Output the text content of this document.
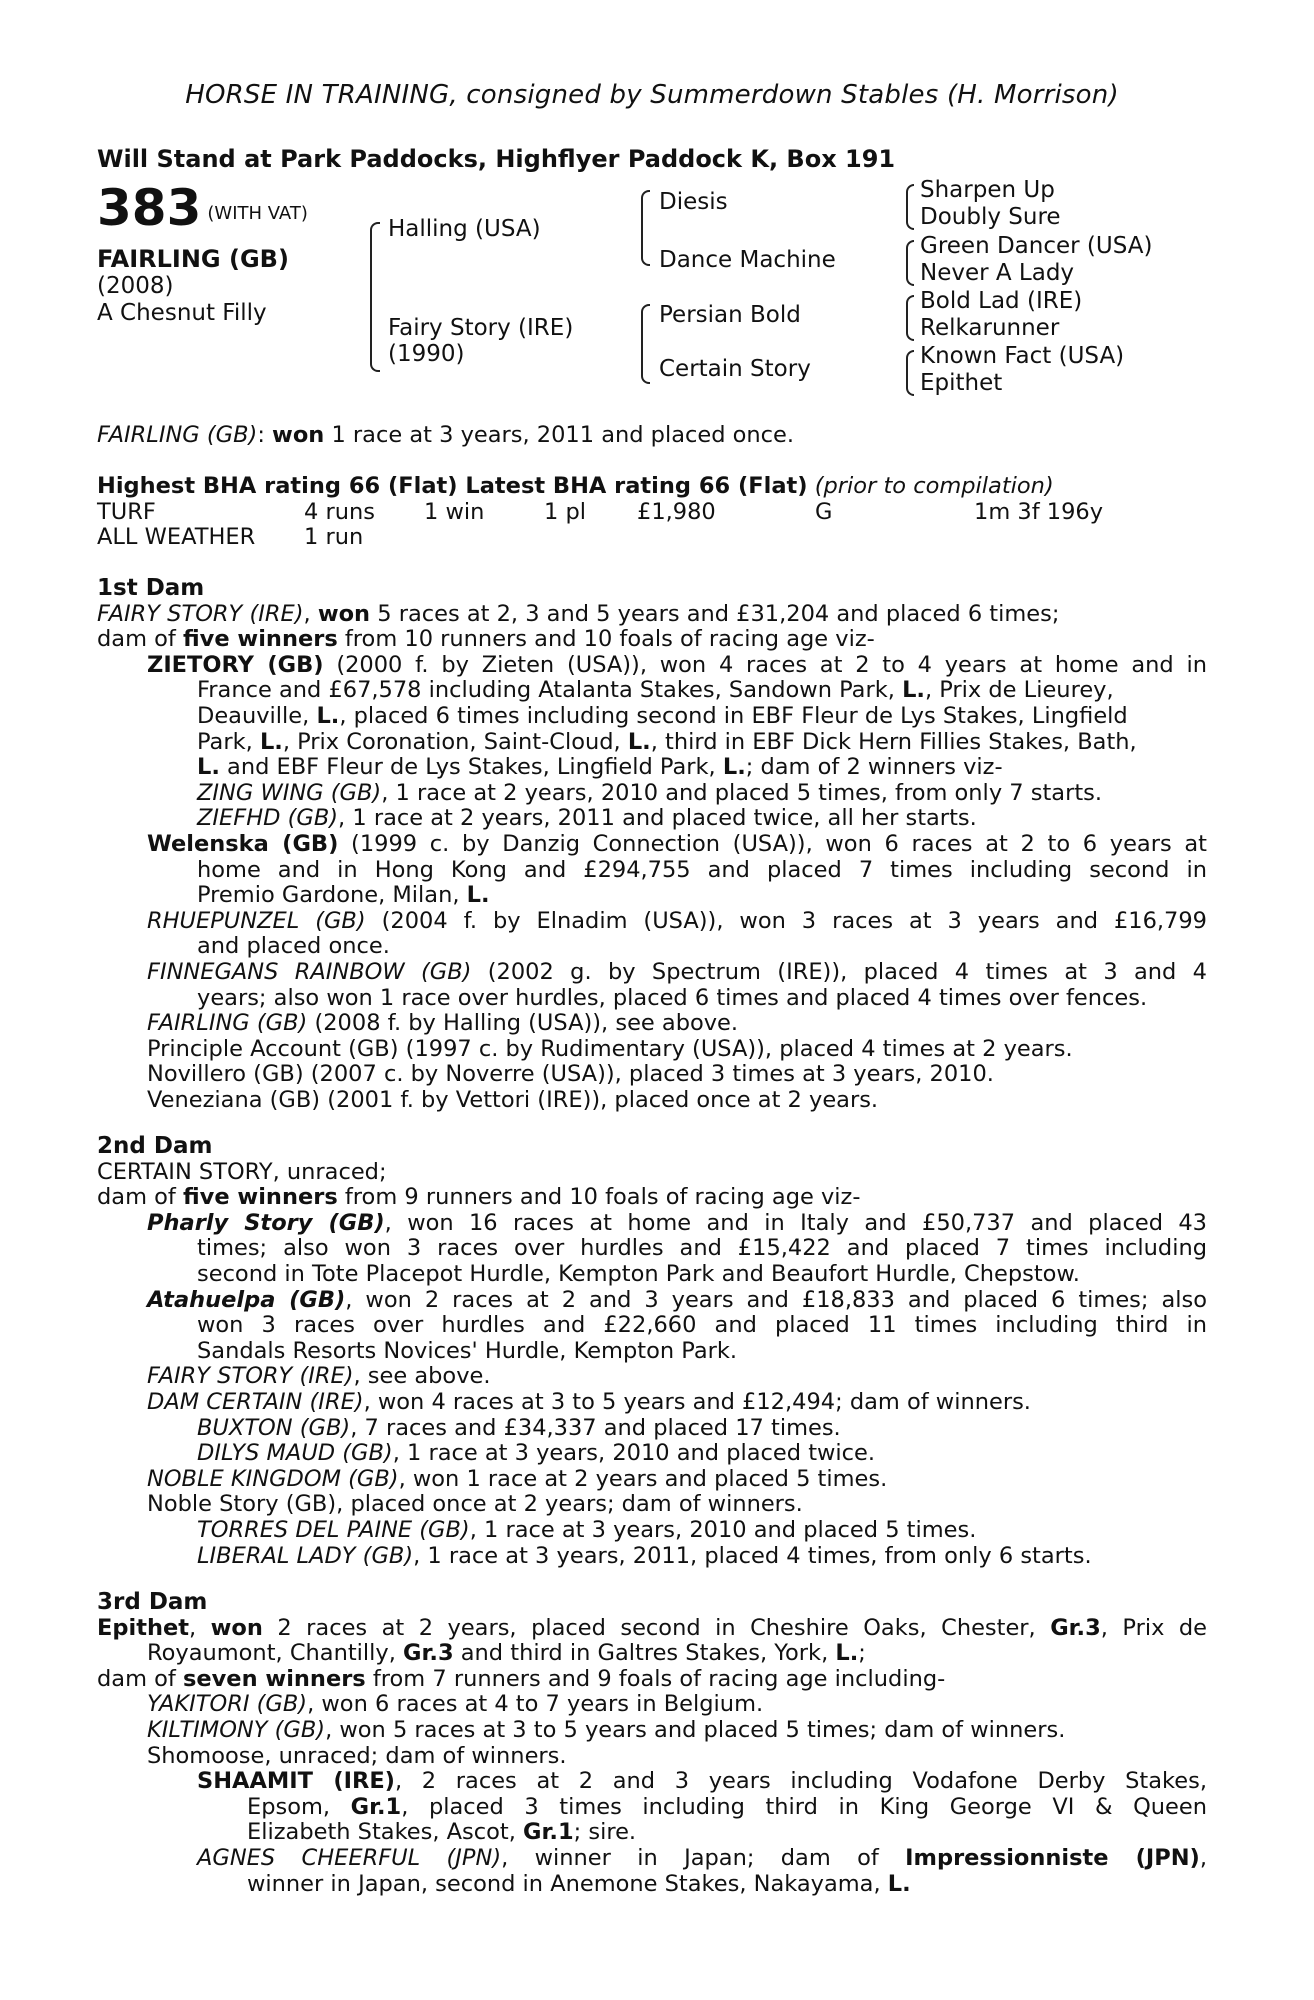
HORSE IN TRAINING, consigned by Summerdown Stables (H. Morrison)
Will Stand at Park Paddocks, Highflyer Paddock K, Box 191
383 (WITH VAT)
FAIRLING (GB)
(2008)
A Chesnut Filly
Halling (USA)
Fairy Story (IRE)
(1990)
Diesis
Dance Machine
Persian Bold
Certain Story
Sharpen Up
Doubly Sure
Green Dancer (USA)
Never A Lady
Bold Lad (IRE)
Relkarunner
Known Fact (USA)
Epithet
FAIRLING (GB): won 1 race at 3 years, 2011 and placed once.
Highest BHA rating 66 (Flat) Latest BHA rating 66 (Flat) (prior to compilation)
TURF	4 runs 1 win	1 pl £1,980	G	1m 3f 196y
ALL WEATHER 1 run
1st Dam
FAIRY STORY (IRE), won 5 races at 2, 3 and 5 years and £31,204 and placed 6 times;
dam of five winners from 10 runners and 10 foals of racing age viz-
ZIETORY (GB) (2000 f. by Zieten (USA)), won 4 races at 2 to 4 years at home and in
France and £67,578 including Atalanta Stakes, Sandown Park, L., Prix de Lieurey,
Deauville, L., placed 6 times including second in EBF Fleur de Lys Stakes, Lingfield
Park, L., Prix Coronation, Saint-Cloud, L., third in EBF Dick Hern Fillies Stakes, Bath,
L. and EBF Fleur de Lys Stakes, Lingfield Park, L.; dam of 2 winners viz-
ZING WING (GB), 1 race at 2 years, 2010 and placed 5 times, from only 7 starts.
ZIEFHD (GB), 1 race at 2 years, 2011 and placed twice, all her starts.
Welenska (GB) (1999 c. by Danzig Connection (USA)), won 6 races at 2 to 6 years at
home and in Hong Kong and £294,755 and placed 7 times including second in
Premio Gardone, Milan, L.
RHUEPUNZEL (GB) (2004 f. by Elnadim (USA)), won 3 races at 3 years and £16,799
and placed once.
FINNEGANS RAINBOW (GB) (2002 g. by Spectrum (IRE)), placed 4 times at 3 and 4
years; also won 1 race over hurdles, placed 6 times and placed 4 times over fences.
FAIRLING (GB) (2008 f. by Halling (USA)), see above.
Principle Account (GB) (1997 c. by Rudimentary (USA)), placed 4 times at 2 years.
Novillero (GB) (2007 c. by Noverre (USA)), placed 3 times at 3 years, 2010.
Veneziana (GB) (2001 f. by Vettori (IRE)), placed once at 2 years.
2nd Dam
CERTAIN STORY, unraced;
dam of five winners from 9 runners and 10 foals of racing age viz-
Pharly Story (GB), won 16 races at home and in Italy and £50,737 and placed 43
times; also won 3 races over hurdles and £15,422 and placed 7 times including
second in Tote Placepot Hurdle, Kempton Park and Beaufort Hurdle, Chepstow.
Atahuelpa (GB), won 2 races at 2 and 3 years and £18,833 and placed 6 times; also
won 3 races over hurdles and £22,660 and placed 11 times including third in
Sandals Resorts Novices' Hurdle, Kempton Park.
FAIRY STORY (IRE), see above.
DAM CERTAIN (IRE), won 4 races at 3 to 5 years and £12,494; dam of winners.
BUXTON (GB), 7 races and £34,337 and placed 17 times.
DILYS MAUD (GB), 1 race at 3 years, 2010 and placed twice.
NOBLE KINGDOM (GB), won 1 race at 2 years and placed 5 times.
Noble Story (GB), placed once at 2 years; dam of winners.
TORRES DEL PAINE (GB), 1 race at 3 years, 2010 and placed 5 times.
LIBERAL LADY (GB), 1 race at 3 years, 2011, placed 4 times, from only 6 starts.
3rd Dam
Epithet, won 2 races at 2 years, placed second in Cheshire Oaks, Chester, Gr.3, Prix de
Royaumont, Chantilly, Gr.3 and third in Galtres Stakes, York, L.;
dam of seven winners from 7 runners and 9 foals of racing age including-
YAKITORI (GB), won 6 races at 4 to 7 years in Belgium.
KILTIMONY (GB), won 5 races at 3 to 5 years and placed 5 times; dam of winners.
Shomoose, unraced; dam of winners.
SHAAMIT (IRE), 2 races at 2 and 3 years including Vodafone Derby Stakes,
Epsom, Gr.1, placed 3 times including third in King George VI & Queen
Elizabeth Stakes, Ascot, Gr.1; sire.
AGNES CHEERFUL (JPN), winner in Japan; dam of Impressionniste (JPN),
winner in Japan, second in Anemone Stakes, Nakayama, L.
